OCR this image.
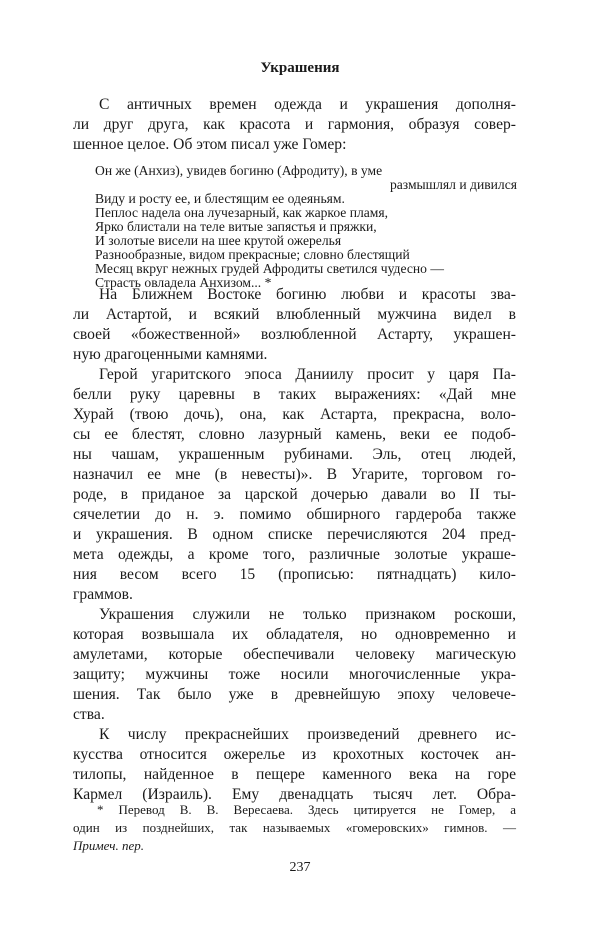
Украшения
С античных времен одежда и украшения дополня-
ли друг друга, как красота и гармония, образуя совер-
шенное целое. Об этом писал уже Гомер:
Он же (Анхиз), увидев богиню (Афродиту), в уме
размышлял и дивился
Виду и росту ее, и блестящим ее одеяньям.
Пеплос надела она лучезарный, как жаркое пламя,
Ярко блистали на теле витые запястья и пряжки,
И золотые висели на шее крутой ожерелья
Разнообразные, видом прекрасные; словно блестящий
Месяц вкруг нежных грудей Афродиты светился чудесно —
Страсть овладела Анхизом... *
На Ближнем Востоке богиню любви и красоты зва-
ли Астартой, и всякий влюбленный мужчина видел в
своей «божественной» возлюбленной Астарту, украшен-
ную драгоценными камнями.
Герой угаритского эпоса Даниилу просит у царя Па-
белли руку царевны в таких выражениях: «Дай мне
Хурай (твою дочь), она, как Астарта, прекрасна, воло-
сы ее блестят, словно лазурный камень, веки ее подоб-
ны чашам, украшенным рубинами. Эль, отец людей,
назначил ее мне (в невесты)». В Угарите, торговом го-
роде, в приданое за царской дочерью давали во II ты-
сячелетии до н. э. помимо обширного гардероба также
и украшения. В одном списке перечисляются 204 пред-
мета одежды, а кроме того, различные золотые украше-
ния весом всего 15 (прописью: пятнадцать) кило-
граммов.
Украшения служили не только признаком роскоши,
которая возвышала их обладателя, но одновременно и
амулетами, которые обеспечивали человеку магическую
защиту; мужчины тоже носили многочисленные укра-
шения. Так было уже в древнейшую эпоху человече-
ства.
К числу прекраснейших произведений древнего ис-
кусства относится ожерелье из крохотных косточек ан-
тилопы, найденное в пещере каменного века на горе
Кармел (Израиль). Ему двенадцать тысяч лет. Обра-
* Перевод В. В. Вересаева. Здесь цитируется не Гомер, а
один из позднейших, так называемых «гомеровских» гимнов. —
Примеч. пер.
237
